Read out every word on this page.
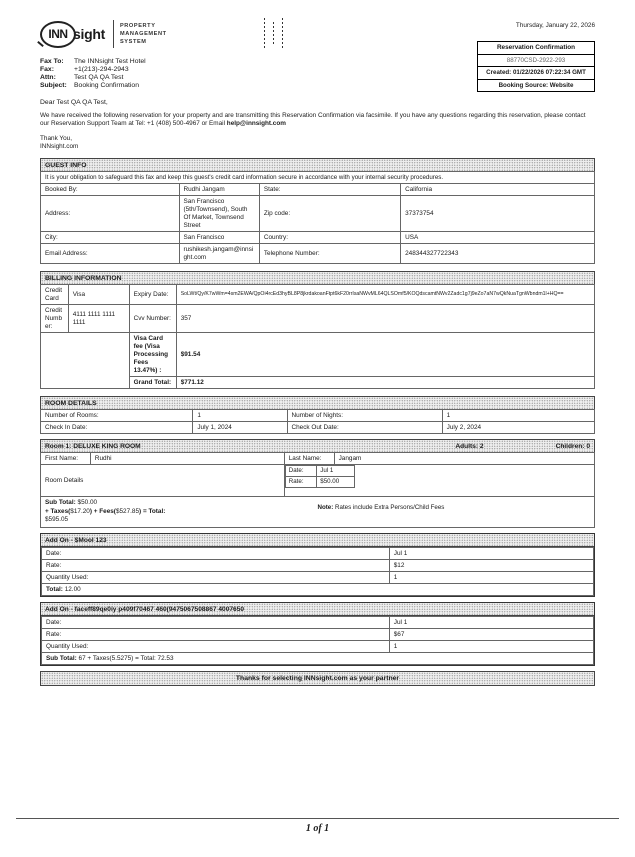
INN sight
PROPERTY
MANAGEMENT
SYSTEM
Thursday, January 22, 2026
Reservation Confirmation
88770CSD-2922-293
Created: 01/22/2026 07:22:34 GMT
Booking Source: Website
Fax To:	The INNsight Test Hotel
Fax:	+1(213)-294-2943
Attn:	Test QA QA Test
Subject:	Booking Confirmation
Dear Test QA QA Test,
We have received the following reservation for your property and are transmitting this Reservation Confirmation via facsimile. If you have any questions regarding this reservation, please contact our Reservation Support Team at Tel: +1 (408) 500-4967 or Email help@innsight.com
Thank You,
INNsight.com
GUEST INFO
It is your obligation to safeguard this fax and keep this guest's credit card information secure in accordance with your internal security procedures.			
Booked By:	Rudhi Jangam	State:	California
Address:	San Francisco (5th/Townsend), South Of Market, Townsend Street	Zip code:	37373754
City:	San Francisco	Country:	USA
Email Address:	rushikesh.jangam@innsight.com	Telephone Number:	248344327722343
BILLING INFORMATION
Credit Card	Visa	Expiry Date:	SoLWt/Qy/K7wWm=4sm2EWA/QpOi4rcEd3hyBL8P8jkrdakoanFtpt6kF20rrIsaNWvML64QLSOmf5/KOQdscamtNWv2Zadc1g7j9eZo7aN7wQkNuaTgnWbndm1l+HQ==
Credit Number:	4111 1111 1111 1111	Cvv Number:	357
		Visa Card fee (Visa Processing Fees 13.47%) :	$91.54
		Grand Total:	$771.12
ROOM DETAILS
Number of Rooms:	1	Number of Nights:	1
Check In Date:	July 1, 2024	Check Out Date:	July 2, 2024
Room 1: DELUXE KING ROOM	Adults: 2	Children: 0
First Name:	Rudhi	Last Name:	Jangam
Room Details	
Date:	Jul 1
Rate:	$50.00

Sub Total: $50.00
+ Taxes($17.20) + Fees($527.85) = Total:
$595.05
Note: Rates include Extra Persons/Child Fees
Add On - $Mool 123
Date:	Jul 1
Rate:	$12
Quantity Used:	1
Total: 12.00	
Add On - faceff89qe0iy p409f70467 460(9475067508867 4007650
Date:	Jul 1
Rate:	$67
Quantity Used:	1
Sub Total: 67 + Taxes(5.5275) = Total: 72.53	
Thanks for selecting INNsight.com as your partner
1 of 1
